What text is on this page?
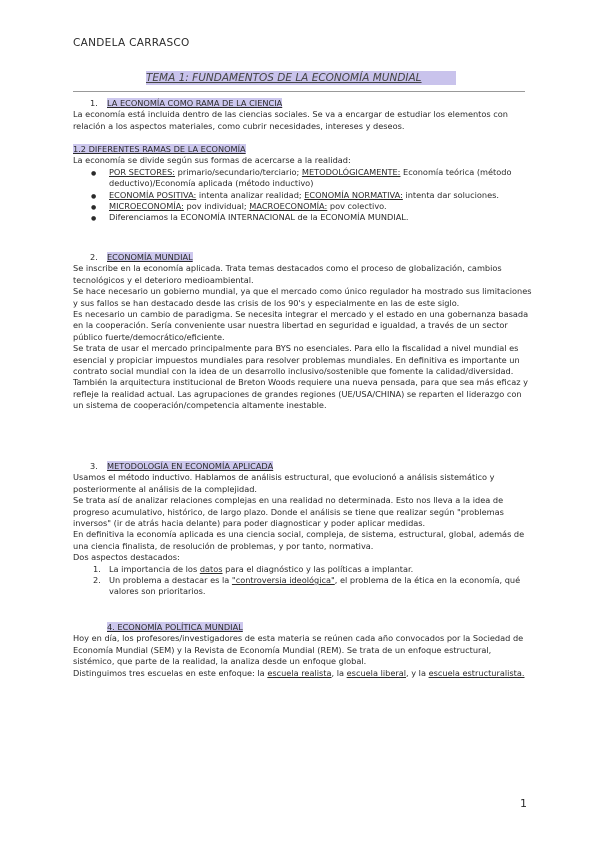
CANDELA CARRASCO
TEMA 1: FUNDAMENTOS DE LA ECONOMÍA MUNDIAL

1. LA ECONOMÍA COMO RAMA DE LA CIENCIA

La economía está incluida dentro de las ciencias sociales. Se va a encargar de estudiar los elementos con relación a los aspectos materiales, como cubrir necesidades, intereses y deseos.

1.2 DIFERENTES RAMAS DE LA ECONOMÍA

La economía se divide según sus formas de acercarse a la realidad:

● POR SECTORES: primario/secundario/terciario; METODOLÓGICAMENTE: Economía teórica (método deductivo)/Economía aplicada (método inductivo)
● ECONOMÍA POSITIVA: intenta analizar realidad; ECONOMÍA NORMATIVA: intenta dar soluciones.
● MICROECONOMÍA: pov individual; MACROECONOMÍA: pov colectivo.
● Diferenciamos la ECONOMÍA INTERNACIONAL de la ECONOMÍA MUNDIAL.

2. ECONOMÍA MUNDIAL

Se inscribe en la economía aplicada. Trata temas destacados como el proceso de globalización, cambios tecnológicos y el deterioro medioambiental.

Se hace necesario un gobierno mundial, ya que el mercado como único regulador ha mostrado sus limitaciones y sus fallos se han destacado desde las crisis de los 90's y especialmente en las de este siglo.

Es necesario un cambio de paradigma. Se necesita integrar el mercado y el estado en una gobernanza basada en la cooperación. Sería conveniente usar nuestra libertad en seguridad e igualdad, a través de un sector público fuerte/democrático/eficiente.

Se trata de usar el mercado principalmente para BYS no esenciales. Para ello la fiscalidad a nivel mundial es esencial y propiciar impuestos mundiales para resolver problemas mundiales. En definitiva es importante un contrato social mundial con la idea de un desarrollo inclusivo/sostenible que fomente la calidad/diversidad.

También la arquitectura institucional de Breton Woods requiere una nueva pensada, para que sea más eficaz y refleje la realidad actual. Las agrupaciones de grandes regiones (UE/USA/CHINA) se reparten el liderazgo con un sistema de cooperación/competencia altamente inestable.

3. METODOLOGÍA EN ECONOMÍA APLICADA

Usamos el método inductivo. Hablamos de análisis estructural, que evolucionó a análisis sistemático y posteriormente al análisis de la complejidad.

Se trata así de analizar relaciones complejas en una realidad no determinada. Esto nos lleva a la idea de progreso acumulativo, histórico, de largo plazo. Donde el análisis se tiene que realizar según "problemas inversos" (ir de atrás hacia delante) para poder diagnosticar y poder aplicar medidas.

En definitiva la economía aplicada es una ciencia social, compleja, de sistema, estructural, global, además de una ciencia finalista, de resolución de problemas, y por tanto, normativa.

Dos aspectos destacados:

1. La importancia de los datos para el diagnóstico y las políticas a implantar.
2. Un problema a destacar es la "controversia ideológica", el problema de la ética en la economía, qué valores son prioritarios.

4. ECONOMÍA POLÍTICA MUNDIAL

Hoy en día, los profesores/investigadores de esta materia se reúnen cada año convocados por la Sociedad de Economía Mundial (SEM) y la Revista de Economía Mundial (REM). Se trata de un enfoque estructural, sistémico, que parte de la realidad, la analiza desde un enfoque global.

Distinguimos tres escuelas en este enfoque: la escuela realista, la escuela liberal, y la escuela estructuralista.

1
